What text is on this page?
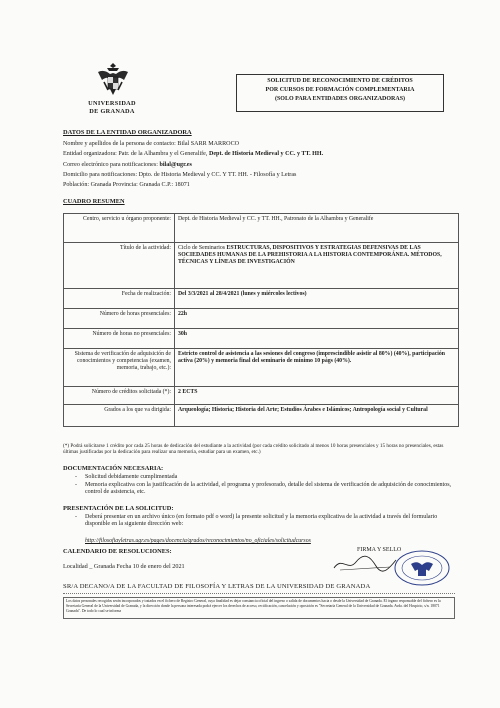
UNIVERSIDAD
DE GRANADA
SOLICITUD DE RECONOCIMIENTO DE CRÉDITOS
POR CURSOS DE FORMACIÓN COMPLEMENTARIA
(SOLO PARA ENTIDADES ORGANIZADORAS)
DATOS DE LA ENTIDAD ORGANIZADORA
Nombre y apellidos de la persona de contacto: Bilal SARR MARROCO
Entidad organizadora: Patr. de la Alhambra y el Generalife, Dept. de Historia Medieval y CC. y TT. HH.
Correo electrónico para notificaciones: bilal@ugr.es
Domicilio para notificaciones: Dpto. de Historia Medieval y CC. Y TT. HH. - Filosofía y Letras
Población: Granada Provincia: Granada C.P.: 18071
CUADRO RESUMEN
Centro, servicio u órgano proponente:	Dept. de Historia Medieval y CC. y TT. HH., Patronato de la Alhambra y Generalife
Título de la actividad:	Ciclo de Seminarios ESTRUCTURAS, DISPOSITIVOS Y ESTRATEGIAS DEFENSIVAS DE LAS SOCIEDADES HUMANAS DE LA PREHISTORIA A LA HISTORIA CONTEMPORÁNEA. MÉTODOS, TÉCNICAS Y LÍNEAS DE INVESTIGACIÓN
Fecha de realización:	Del 3/3/2021 al 28/4/2021 (lunes y miércoles lectivos)
Número de horas presenciales:	22h
Número de horas no presenciales:	30h
Sistema de verificación de adquisición de conocimientos y competencias (examen, memoria, trabajo, etc.):	Estricto control de asistencia a las sesiones del congreso (imprescindible asistir al 80%) (40%), participación activa (20%) y memoria final del seminario de mínimo 10 págs (40%).
Número de créditos solicitada (*):	2 ECTS
Grados a los que va dirigida:	Arqueología; Historia; Historia del Arte; Estudios Árabes e Islámicos; Antropología social y Cultural
(*) Podrá solicitarse 1 crédito por cada 25 horas de dedicación del estudiante a la actividad (por cada crédito solicitado al menos 10 horas presenciales y 15 horas no presenciales, estas últimas justificadas por la dedicación para realizar una memoria, estudiar para un examen, etc.)
DOCUMENTACIÓN NECESARIA:
- Solicitud debidamente cumplimentada
- Memoria explicativa con la justificación de la actividad, el programa y profesorado, detalle del sistema de verificación de adquisición de conocimientos, control de asistencia, etc.
PRESENTACIÓN DE LA SOLICITUD:
- Deberá presentar en un archivo único (en formato pdf o word) la presente solicitud y la memoria explicativa de la actividad a través del formulario disponible en la siguiente dirección web:
http://filosofiayletras.ugr.es/pages/docencia/grados/reconocimientos/no_oficiales/solicitudcursos
CALENDARIO DE RESOLUCIONES:	FIRMA Y SELLO
Localidad _ Granada Fecha 10 de enero del 2021
SR/A DECANO/A DE LA FACULTAD DE FILOSOFÍA Y LETRAS DE LA UNIVERSIDAD DE GRANADA
Los datos personales recogidos serán incorporados y tratados en el fichero de Registro General, cuya finalidad es dejar constancia oficial del ingreso o salida de documentos hacia o desde la Universidad de Granada. El órgano responsable del fichero es la Secretaría General de la Universidad de Granada, y la dirección donde la persona interesada podrá ejercer los derechos de acceso, rectificación, cancelación y oposición es "Secretaría General de la Universidad de Granada. Avda. del Hospicio, s/n. 18071 Granada". De todo lo cual se informa
